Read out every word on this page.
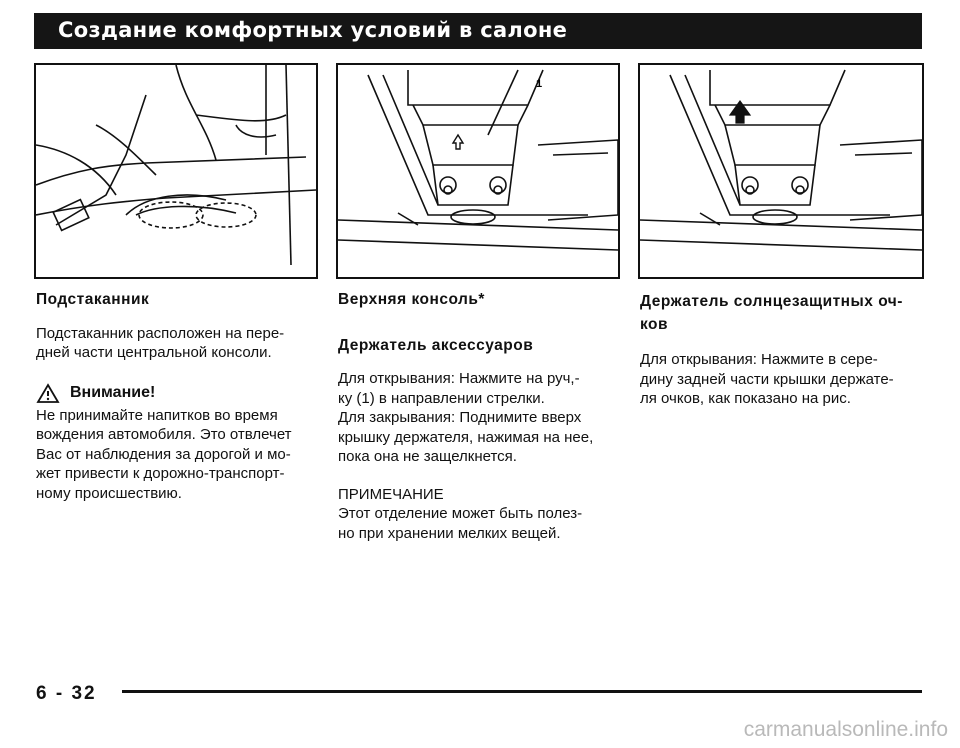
Создание комфортных условий в салоне
1
Подстаканник
Подстаканник расположен на пере-
дней части центральной консоли.
Внимание!
Не принимайте напитков во время
вождения автомобиля. Это отвлечет
Вас от наблюдения за дорогой и мо-
жет привести к дорожно-транспорт-
ному происшествию.
Верхняя консоль*
Держатель аксессуаров
Для открывания: Нажмите на руч,-
ку (1) в направлении стрелки.
Для закрывания: Поднимите вверх
крышку держателя, нажимая на нее,
пока она не защелкнется.
ПРИМЕЧАНИЕ
Этот отделение может быть полез-
но при хранении мелких вещей.
Держатель солнцезащитных оч-
ков
Для открывания: Нажмите в сере-
дину задней части крышки держате-
ля очков, как показано на рис.
6 - 32
carmanualsonline.info
